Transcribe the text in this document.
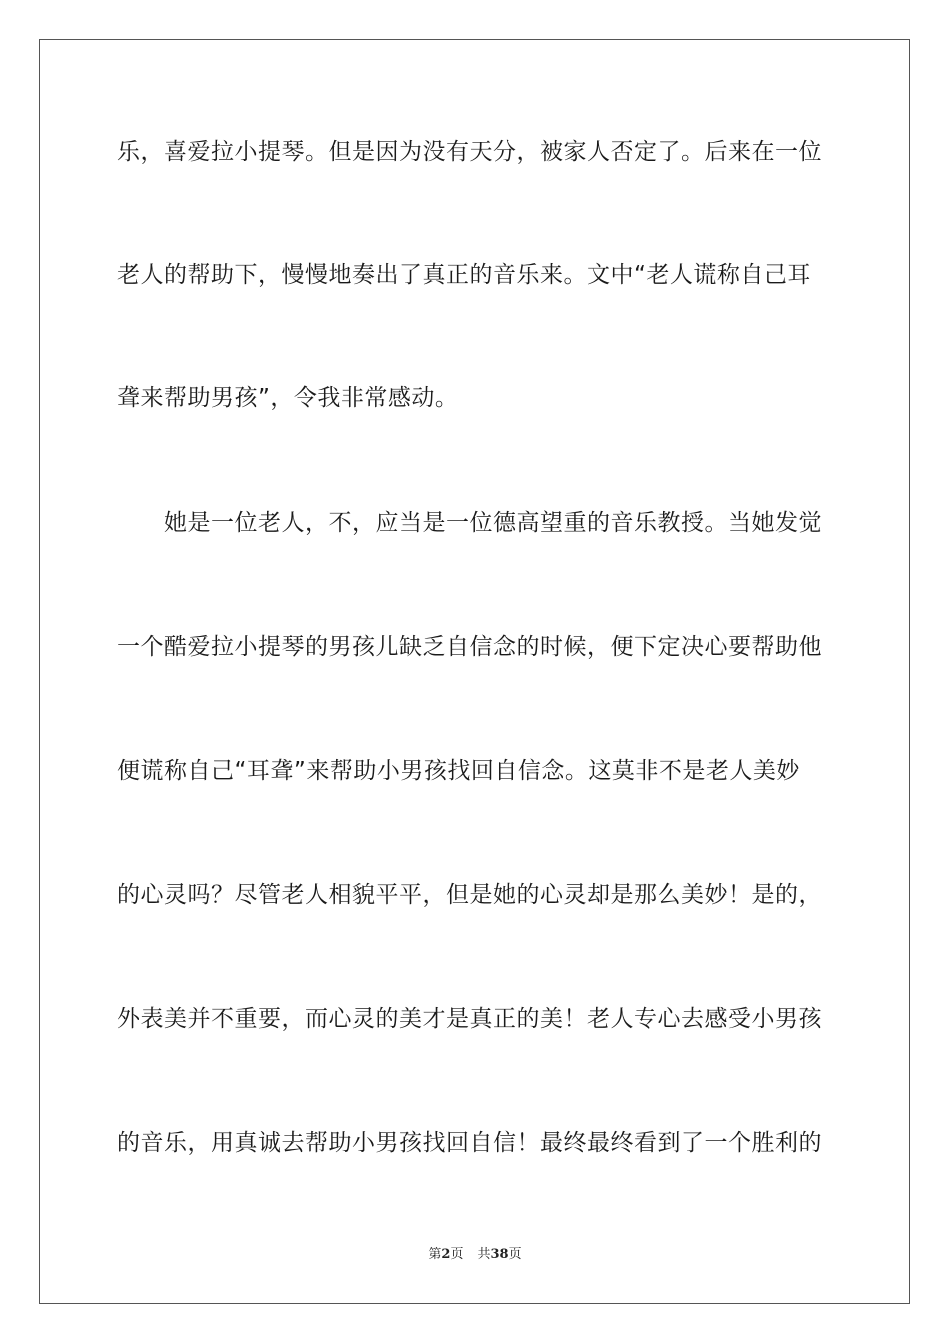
乐，喜爱拉小提琴。但是因为没有天分，被家人否定了。后来在一位
老人的帮助下，慢慢地奏出了真正的音乐来。文中“老人谎称自己耳
聋来帮助男孩”，令我非常感动。
　　她是一位老人，不，应当是一位德高望重的音乐教授。当她发觉
一个酷爱拉小提琴的男孩儿缺乏自信念的时候，便下定决心要帮助他
便谎称自己“耳聋”来帮助小男孩找回自信念。这莫非不是老人美妙
的心灵吗？尽管老人相貌平平，但是她的心灵却是那么美妙！是的，
外表美并不重要，而心灵的美才是真正的美！老人专心去感受小男孩
的音乐，用真诚去帮助小男孩找回自信！最终最终看到了一个胜利的
第2页 共38页
